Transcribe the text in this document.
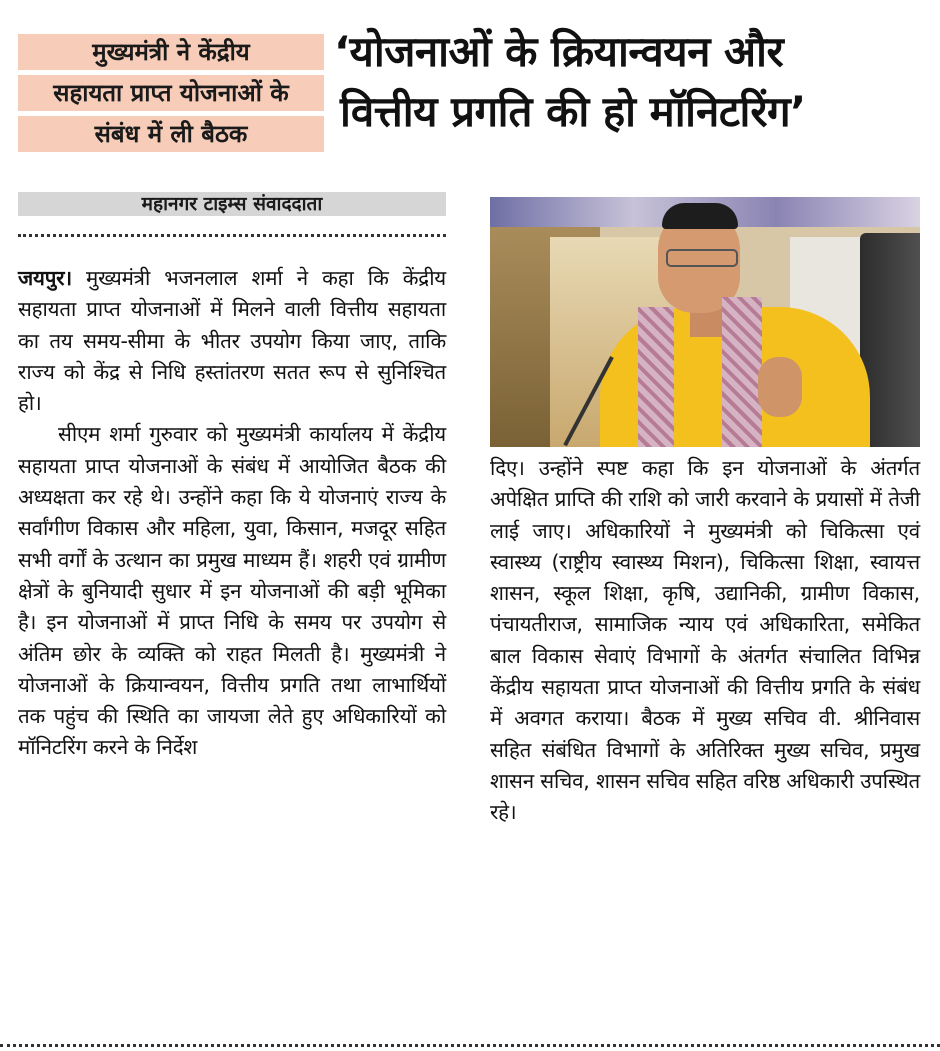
मुख्यमंत्री ने केंद्रीय
सहायता प्राप्त योजनाओं के
संबंध में ली बैठक
‘योजनाओं के क्रियान्वयन और
वित्तीय प्रगति की हो मॉनिटरिंग’
महानगर टाइम्स संवाददाता

जयपुर। मुख्यमंत्री भजनलाल शर्मा ने कहा कि केंद्रीय सहायता प्राप्त योजनाओं में मिलने वाली वित्तीय सहायता का तय समय-सीमा के भीतर उपयोग किया जाए, ताकि राज्य को केंद्र से निधि हस्तांतरण सतत रूप से सुनिश्चित हो।

सीएम शर्मा गुरुवार को मुख्यमंत्री कार्यालय में केंद्रीय सहायता प्राप्त योजनाओं के संबंध में आयोजित बैठक की अध्यक्षता कर रहे थे। उन्होंने कहा कि ये योजनाएं राज्य के सर्वांगीण विकास और महिला, युवा, किसान, मजदूर सहित सभी वर्गों के उत्थान का प्रमुख माध्यम हैं। शहरी एवं ग्रामीण क्षेत्रों के बुनियादी सुधार में इन योजनाओं की बड़ी भूमिका है। इन योजनाओं में प्राप्त निधि के समय पर उपयोग से अंतिम छोर के व्यक्ति को राहत मिलती है। मुख्यमंत्री ने योजनाओं के क्रियान्वयन, वित्तीय प्रगति तथा लाभार्थियों तक पहुंच की स्थिति का जायजा लेते हुए अधिकारियों को मॉनिटरिंग करने के निर्देश

दिए। उन्होंने स्पष्ट कहा कि इन योजनाओं के अंतर्गत अपेक्षित प्राप्ति की राशि को जारी करवाने के प्रयासों में तेजी लाई जाए। अधिकारियों ने मुख्यमंत्री को चिकित्सा एवं स्वास्थ्य (राष्ट्रीय स्वास्थ्य मिशन), चिकित्सा शिक्षा, स्वायत्त शासन, स्कूल शिक्षा, कृषि, उद्यानिकी, ग्रामीण विकास, पंचायतीराज, सामाजिक न्याय एवं अधिकारिता, समेकित बाल विकास सेवाएं विभागों के अंतर्गत संचालित विभिन्न केंद्रीय सहायता प्राप्त योजनाओं की वित्तीय प्रगति के संबंध में अवगत कराया। बैठक में मुख्य सचिव वी. श्रीनिवास सहित संबंधित विभागों के अतिरिक्त मुख्य सचिव, प्रमुख शासन सचिव, शासन सचिव सहित वरिष्ठ अधिकारी उपस्थित रहे।
